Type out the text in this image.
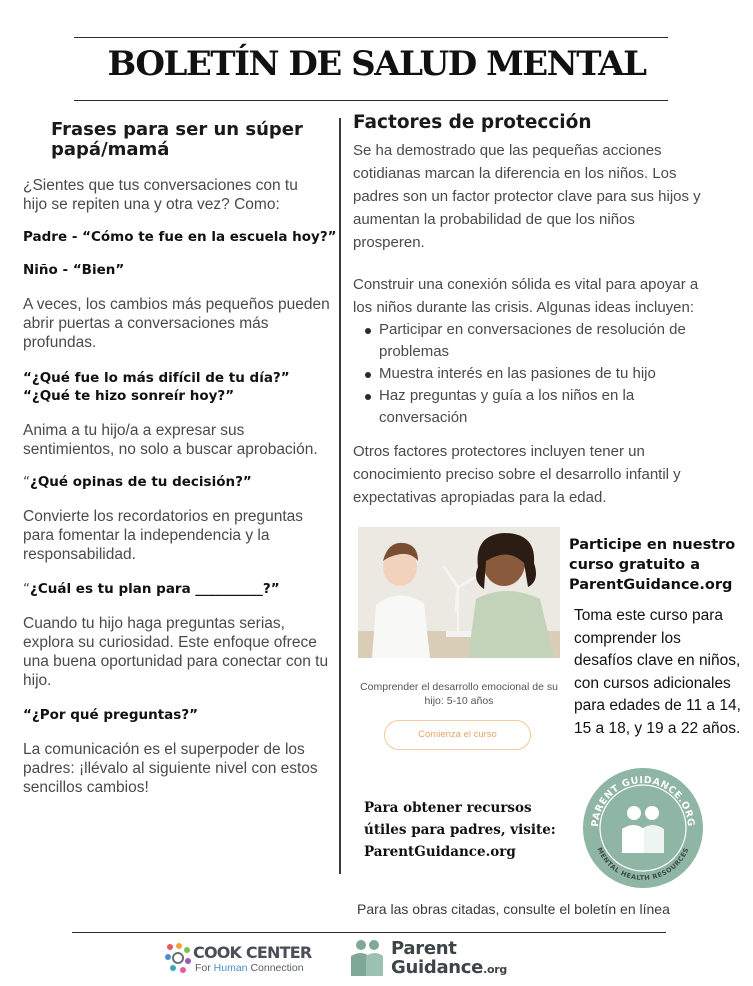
BOLETÍN DE SALUD MENTAL
Frases para ser un súper papá/mamá

¿Sientes que tus conversaciones con tu hijo se repiten una y otra vez? Como:

Padre - “Cómo te fue en la escuela hoy?”

Niño - “Bien”

A veces, los cambios más pequeños pueden abrir puertas a conversaciones más profundas.

“¿Qué fue lo más difícil de tu día?”

“¿Qué te hizo sonreír hoy?”

Anima a tu hijo/a a expresar sus sentimientos, no solo a buscar aprobación.

“¿Qué opinas de tu decisión?”

Convierte los recordatorios en preguntas para fomentar la independencia y la responsabilidad.

“¿Cuál es tu plan para __________?”

Cuando tu hijo haga preguntas serias, explora su curiosidad. Este enfoque ofrece una buena oportunidad para conectar con tu hijo.

“¿Por qué preguntas?”

La comunicación es el superpoder de los padres: ¡llévalo al siguiente nivel con estos sencillos cambios!

Factores de protección

Se ha demostrado que las pequeñas acciones cotidianas marcan la diferencia en los niños. Los padres son un factor protector clave para sus hijos y aumentan la probabilidad de que los niños prosperen.

Construir una conexión sólida es vital para apoyar a los niños durante las crisis. Algunas ideas incluyen:

Participar en conversaciones de resolución de problemas
Muestra interés en las pasiones de tu hijo
Haz preguntas y guía a los niños en la conversación

Otros factores protectores incluyen tener un conocimiento preciso sobre el desarrollo infantil y expectativas apropiadas para la edad.

Comprender el desarrollo emocional de su hijo: 5-10 años
Comienza el curso
Participe en nuestro curso gratuito a ParentGuidance.org
Toma este curso para comprender los desafíos clave en niños, con cursos adicionales para edades de 11 a 14, 15 a 18, y 19 a 22 años.
Para obtener recursos útiles para padres, visite: ParentGuidance.org
PARENT GUIDANCE.ORG
MENTAL HEALTH RESOURCES
Para las obras citadas, consulte el boletín en línea
COOK CENTER
For Human Connection
Parent
Guidance.org
